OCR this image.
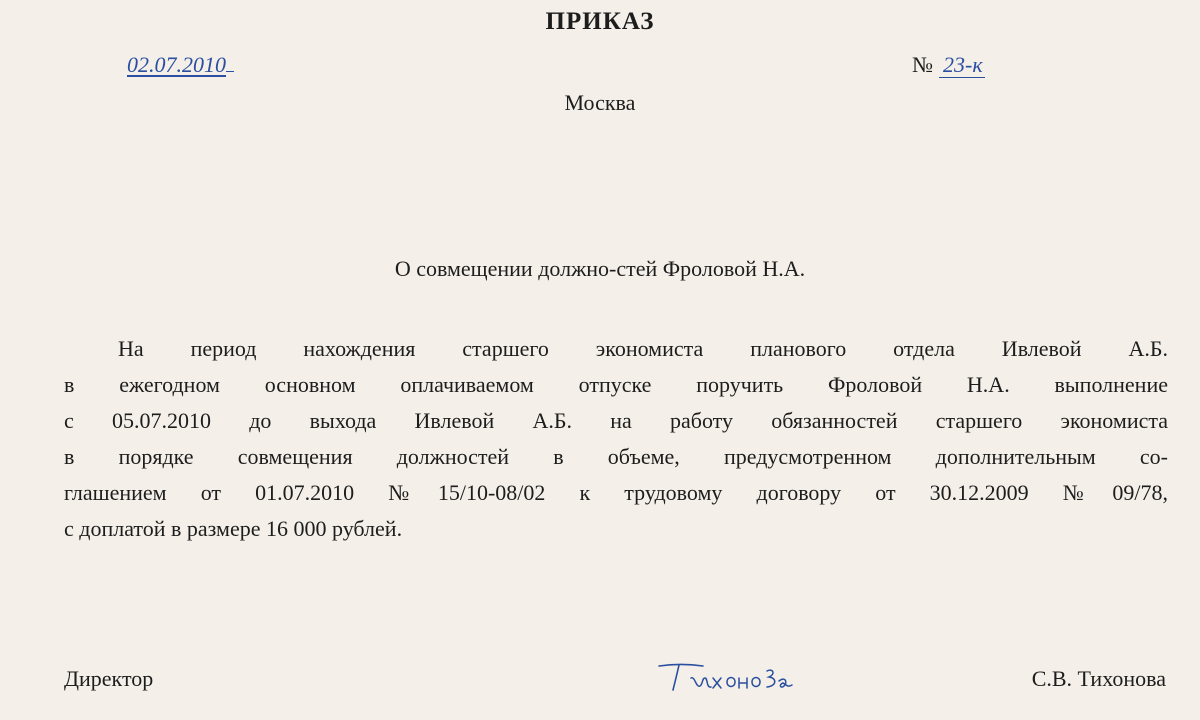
ПРИКАЗ
02.07.2010	№ 23-к
Москва
О совмещении должно-стей Фроловой Н.А.
На период нахождения старшего экономиста планового отдела Ивлевой А.Б.
в ежегодном основном оплачиваемом отпуске поручить Фроловой Н.А. выполнение
с 05.07.2010 до выхода Ивлевой А.Б. на работу обязанностей старшего экономиста
в порядке совмещения должностей в объеме, предусмотренном дополнительным со-
глашением от 01.07.2010 №15/10-08/02 к трудовому договору от 30.12.2009 №09/78,
с доплатой в размере 16 000 рублей.
Директор	С.В. Тихонова
